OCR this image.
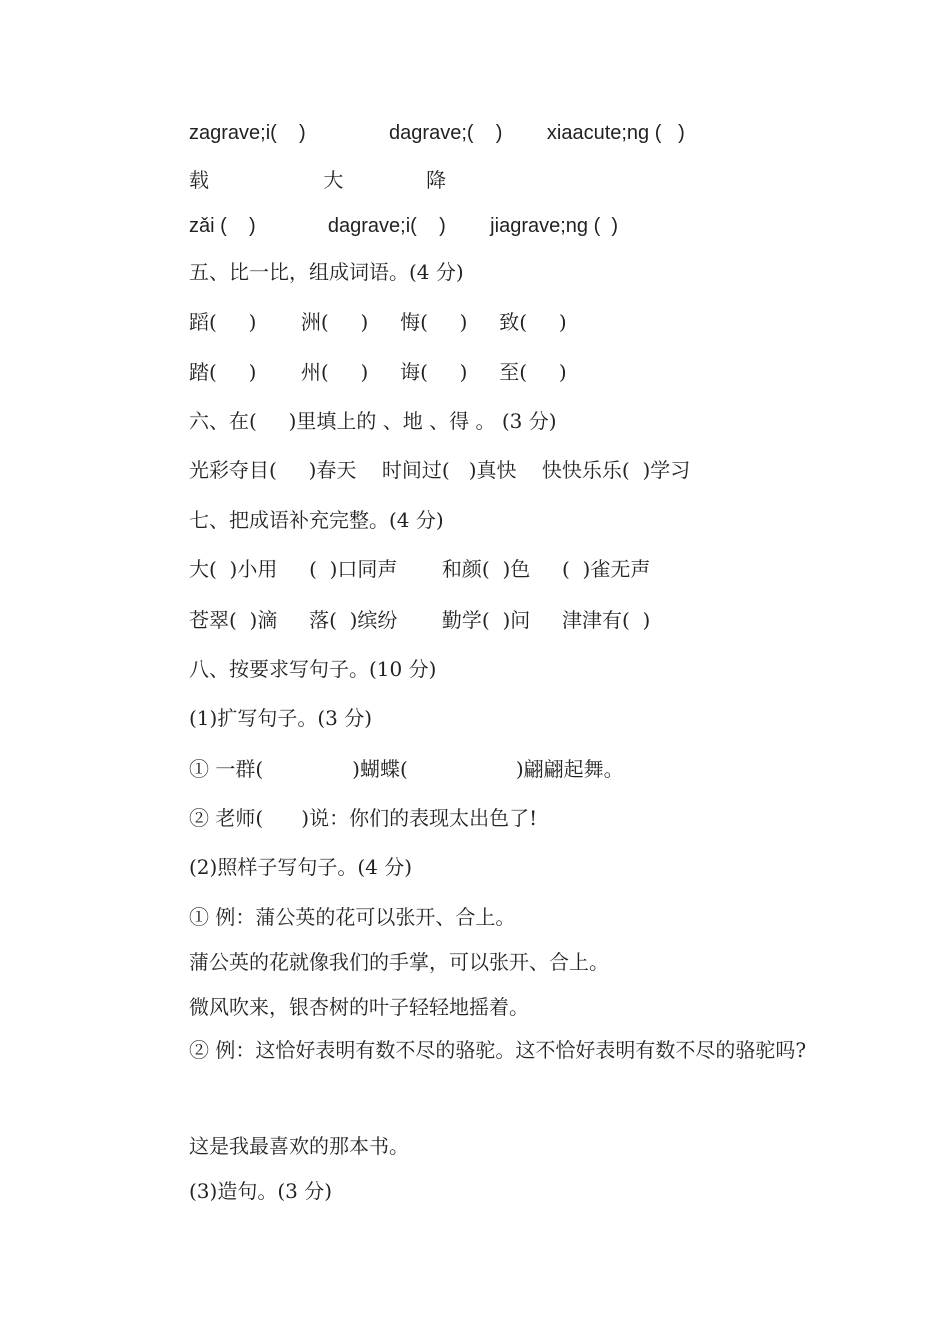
zagrave;i(    )               dagrave;(    )        xiaacute;ng (   )
载                  大             降
zǎi (    )             dagrave;i(    )        jiagrave;ng (  )
五、比一比，组成词语。(4 分)
蹈(     )       洲(     )     悔(     )     致(     )
踏(     )       州(     )     诲(     )     至(     )
六、在(     )里填上的 、地 、得 。 (3 分)
光彩夺目(     )春天    时间过(   )真快    快快乐乐(  )学习
七、把成语补充完整。(4 分)
大(  )小用     (  )口同声       和颜(  )色     (  )雀无声
苍翠(  )滴     落(  )缤纷       勤学(  )问     津津有(  )
八、按要求写句子。(10 分)
(1)扩写句子。(3 分)
① 一群(              )蝴蝶(                 )翩翩起舞。
② 老师(      )说：你们的表现太出色了!
(2)照样子写句子。(4 分)
① 例：蒲公英的花可以张开、合上。
蒲公英的花就像我们的手掌，可以张开、合上。
微风吹来，银杏树的叶子轻轻地摇着。
② 例：这恰好表明有数不尽的骆驼。这不恰好表明有数不尽的骆驼吗?
这是我最喜欢的那本书。
(3)造句。(3 分)
